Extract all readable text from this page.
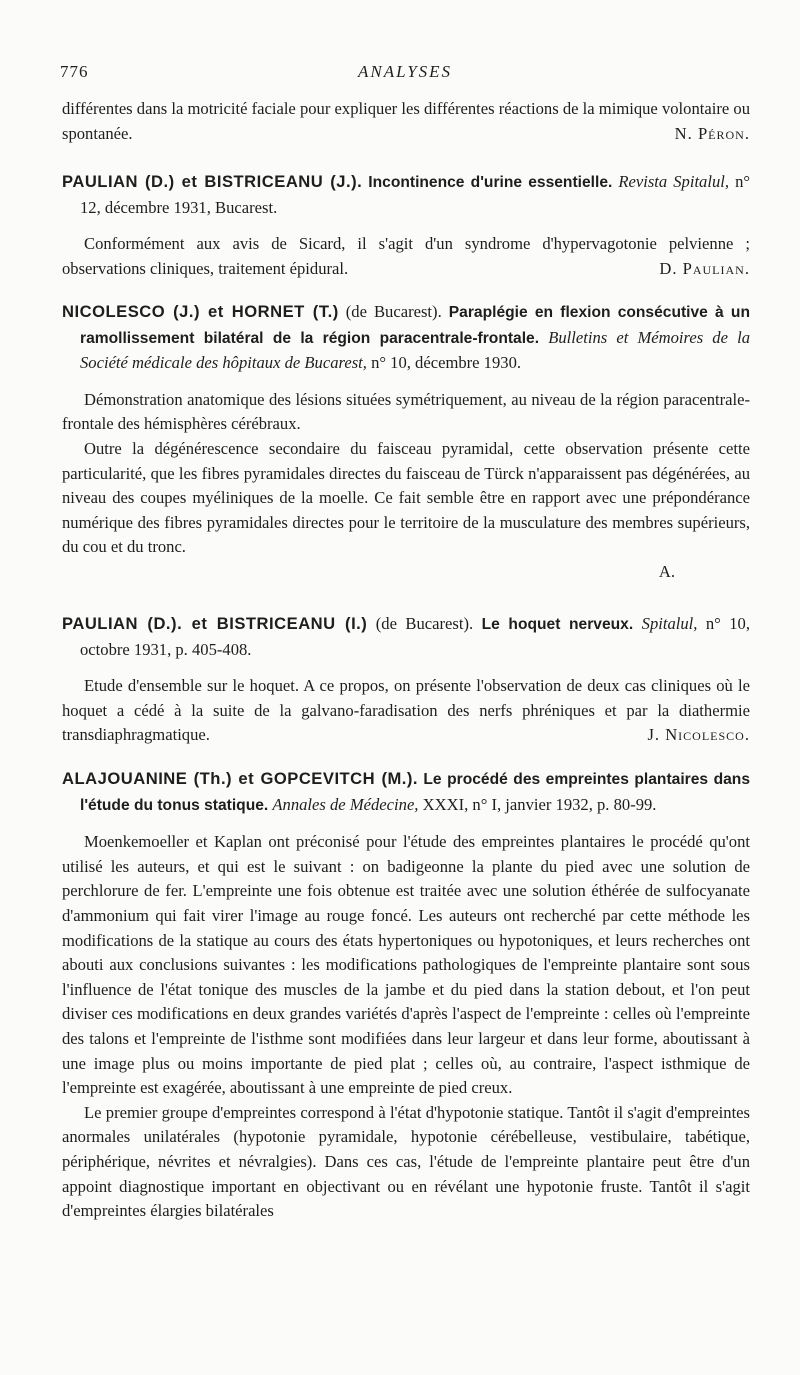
776	ANALYSES

différentes dans la motricité faciale pour expliquer les différentes réactions de la mimique volontaire ou spontanée.	N. Péron.

PAULIAN (D.) et BISTRICEANU (J.). Incontinence d'urine essentielle. Revista Spitalul, n° 12, décembre 1931, Bucarest.

Conformément aux avis de Sicard, il s'agit d'un syndrome d'hypervagotonie pelvienne ; observations cliniques, traitement épidural.	D. Paulian.

NICOLESCO (J.) et HORNET (T.) (de Bucarest). Paraplégie en flexion consécutive à un ramollissement bilatéral de la région paracentrale-frontale. Bulletins et Mémoires de la Société médicale des hôpitaux de Bucarest, n° 10, décembre 1930.

Démonstration anatomique des lésions situées symétriquement, au niveau de la région paracentrale-frontale des hémisphères cérébraux.

Outre la dégénérescence secondaire du faisceau pyramidal, cette observation présente cette particularité, que les fibres pyramidales directes du faisceau de Türck n'apparaissent pas dégénérées, au niveau des coupes myéliniques de la moelle. Ce fait semble être en rapport avec une prépondérance numérique des fibres pyramidales directes pour le territoire de la musculature des membres supérieurs, du cou et du tronc.

A.

PAULIAN (D.). et BISTRICEANU (I.) (de Bucarest). Le hoquet nerveux. Spitalul, n° 10, octobre 1931, p. 405-408.

Etude d'ensemble sur le hoquet. A ce propos, on présente l'observation de deux cas cliniques où le hoquet a cédé à la suite de la galvano-faradisation des nerfs phréniques et par la diathermie transdiaphragmatique.	J. Nicolesco.

ALAJOUANINE (Th.) et GOPCEVITCH (M.). Le procédé des empreintes plantaires dans l'étude du tonus statique. Annales de Médecine, XXXI, n° I, janvier 1932, p. 80-99.

Moenkemoeller et Kaplan ont préconisé pour l'étude des empreintes plantaires le procédé qu'ont utilisé les auteurs, et qui est le suivant : on badigeonne la plante du pied avec une solution de perchlorure de fer. L'empreinte une fois obtenue est traitée avec une solution éthérée de sulfocyanate d'ammonium qui fait virer l'image au rouge foncé. Les auteurs ont recherché par cette méthode les modifications de la statique au cours des états hypertoniques ou hypotoniques, et leurs recherches ont abouti aux conclusions suivantes : les modifications pathologiques de l'empreinte plantaire sont sous l'influence de l'état tonique des muscles de la jambe et du pied dans la station debout, et l'on peut diviser ces modifications en deux grandes variétés d'après l'aspect de l'empreinte : celles où l'empreinte des talons et l'empreinte de l'isthme sont modifiées dans leur largeur et dans leur forme, aboutissant à une image plus ou moins importante de pied plat ; celles où, au contraire, l'aspect isthmique de l'empreinte est exagérée, aboutissant à une empreinte de pied creux.

Le premier groupe d'empreintes correspond à l'état d'hypotonie statique. Tantôt il s'agit d'empreintes anormales unilatérales (hypotonie pyramidale, hypotonie cérébelleuse, vestibulaire, tabétique, périphérique, névrites et névralgies). Dans ces cas, l'étude de l'empreinte plantaire peut être d'un appoint diagnostique important en objectivant ou en révélant une hypotonie fruste. Tantôt il s'agit d'empreintes élargies bilatérales
